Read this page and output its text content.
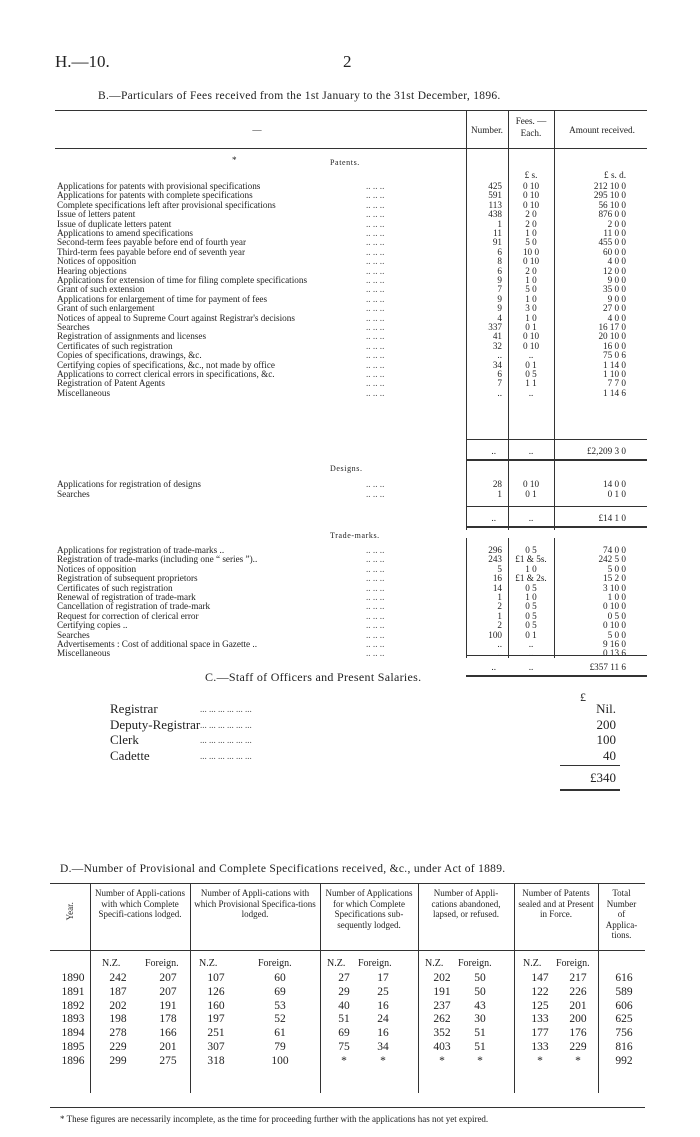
H.—10.	2
B.—Particulars of Fees received from the 1st January to the 31st December, 1896.
—	Number.
Fees. — Each.	Amount received.
*
£ s.	£ s. d.
Patents.
Applications for patents with provisional specifications	.. .. ..	425	0 10	212 10 0
Applications for patents with complete specifications	.. .. ..	591	0 10	295 10 0
Complete specifications left after provisional specifications	.. .. ..	113	0 10	56 10 0
Issue of letters patent	.. .. ..	438	2 0	876 0 0
Issue of duplicate letters patent	.. .. ..	1	2 0	2 0 0
Applications to amend specifications	.. .. ..	11	1 0	11 0 0
Second-term fees payable before end of fourth year	.. .. ..	91	5 0	455 0 0
Third-term fees payable before end of seventh year	.. .. ..	6	10 0	60 0 0
Notices of opposition	.. .. ..	8	0 10	4 0 0
Hearing objections	.. .. ..	6	2 0	12 0 0
Applications for extension of time for filing complete specifications	.. .. ..	9	1 0	9 0 0
Grant of such extension	.. .. ..	7	5 0	35 0 0
Applications for enlargement of time for payment of fees	.. .. ..	9	1 0	9 0 0
Grant of such enlargement	.. .. ..	9	3 0	27 0 0
Notices of appeal to Supreme Court against Registrar's decisions	.. .. ..	4	1 0	4 0 0
Searches	.. .. ..	337	0 1	16 17 0
Registration of assignments and licenses	.. .. ..	41	0 10	20 10 0
Certificates of such registration	.. .. ..	32	0 10	16 0 0
Copies of specifications, drawings, &c.	.. .. ..	..	..	75 0 6
Certifying copies of specifications, &c., not made by office	.. .. ..	34	0 1	1 14 0
Applications to correct clerical errors in specifications, &c.	.. .. ..	6	0 5	1 10 0
Registration of Patent Agents	.. .. ..	7	1 1	7 7 0
Miscellaneous	.. .. ..	..	..	1 14 6
..	..	£2,209 3 0
Designs.
Applications for registration of designs	.. .. ..	28	0 10	14 0 0
Searches	.. .. ..	1	0 1	0 1 0
..	..	£14 1 0
Trade-marks.
Applications for registration of trade-marks ..	.. .. ..	296	0 5	74 0 0
Registration of trade-marks (including one “ series ”)..	.. .. ..	243	£1 & 5s.	242 5 0
Notices of opposition	.. .. ..	5	1 0	5 0 0
Registration of subsequent proprietors	.. .. ..	16	£1 & 2s.	15 2 0
Certificates of such registration	.. .. ..	14	0 5	3 10 0
Renewal of registration of trade-mark	.. .. ..	1	1 0	1 0 0
Cancellation of registration of trade-mark	.. .. ..	2	0 5	0 10 0
Request for correction of clerical error	.. .. ..	1	0 5	0 5 0
Certifying copies ..	.. .. ..	2	0 5	0 10 0
Searches	.. .. ..	100	0 1	5 0 0
Advertisements : Cost of additional space in Gazette ..	.. .. ..	..	..	9 16 0
Miscellaneous	.. .. ..	..	..	0 13 6
..	..	£357 11 6
C.—Staff of Officers and Present Salaries.
£
Registrar	... ... ... ... ... ...	Nil.
Deputy-Registrar ... ... ... ... ... ...	200
Clerk	... ... ... ... ... ...	100
Cadette	... ... ... ... ... ...	40
£340
D.—Number of Provisional and Complete Specifications received, &c., under Act of 1889.
Year.
Number of Appli-cations with which Complete Specifi-cations lodged.
Number of Appli-cations with which Provisional Specifica-tions lodged.
Number of Applications for which Complete Specifications sub-sequently lodged.
Number of Appli-cations abandoned, lapsed, or refused.
Number of Patents sealed and at Present in Force.
Total Number of Applica-tions.
N.Z. Foreign. N.Z.	Foreign.	N.Z. Foreign.	N.Z. Foreign.	N.Z. Foreign.
1890	242	207	107	60	27	17	202	50	147	217	616
1891	187	207	126	69	29	25	191	50	122	226	589
1892	202	191	160	53	40	16	237	43	125	201	606
1893	198	178	197	52	51	24	262	30	133	200	625
1894	278	166	251	61	69	16	352	51	177	176	756
1895	229	201	307	79	75	34	403	51	133	229	816
1896	299	275	318	100	*	*	*	*	*	*	992
* These figures are necessarily incomplete, as the time for proceeding further with the applications has not yet expired.
